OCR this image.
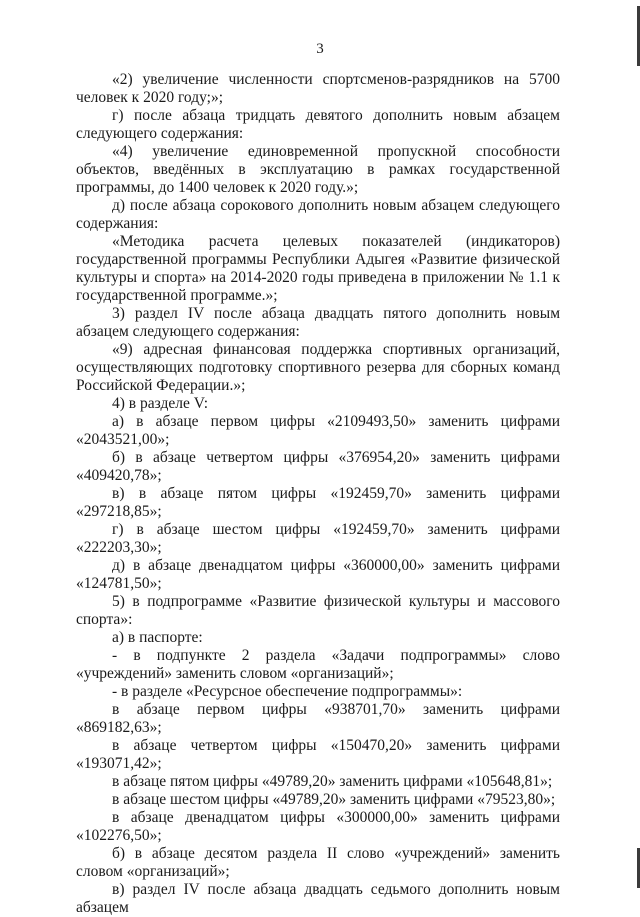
3

«2) увеличение численности спортсменов-разрядников на 5700 человек к 2020 году;»;

г) после абзаца тридцать девятого дополнить новым абзацем следующего содержания:

«4) увеличение единовременной пропускной способности объектов, введённых в эксплуатацию в рамках государственной программы, до 1400 человек к 2020 году.»;

д) после абзаца сорокового дополнить новым абзацем следующего содержания:

«Методика расчета целевых показателей (индикаторов) государственной программы Республики Адыгея «Развитие физической культуры и спорта» на 2014-2020 годы приведена в приложении № 1.1 к государственной программе.»;

3) раздел IV после абзаца двадцать пятого дополнить новым абзацем следующего содержания:

«9) адресная финансовая поддержка спортивных организаций, осуществляющих подготовку спортивного резерва для сборных команд Российской Федерации.»;

4) в разделе V:

а) в абзаце первом цифры «2109493,50» заменить цифрами «2043521,00»;

б) в абзаце четвертом цифры «376954,20» заменить цифрами «409420,78»;

в) в абзаце пятом цифры «192459,70» заменить цифрами «297218,85»;

г) в абзаце шестом цифры «192459,70» заменить цифрами «222203,30»;

д) в абзаце двенадцатом цифры «360000,00» заменить цифрами «124781,50»;

5) в подпрограмме «Развитие физической культуры и массового спорта»:

а) в паспорте:

- в подпункте 2 раздела «Задачи подпрограммы» слово «учреждений» заменить словом «организаций»;

- в разделе «Ресурсное обеспечение подпрограммы»:

в абзаце первом цифры «938701,70» заменить цифрами «869182,63»;

в абзаце четвертом цифры «150470,20» заменить цифрами «193071,42»;

в абзаце пятом цифры «49789,20» заменить цифрами «105648,81»;

в абзаце шестом цифры «49789,20» заменить цифрами «79523,80»;

в абзаце двенадцатом цифры «300000,00» заменить цифрами «102276,50»;

б) в абзаце десятом раздела II слово «учреждений» заменить словом «организаций»;

в) раздел IV после абзаца двадцать седьмого дополнить новым абзацем
